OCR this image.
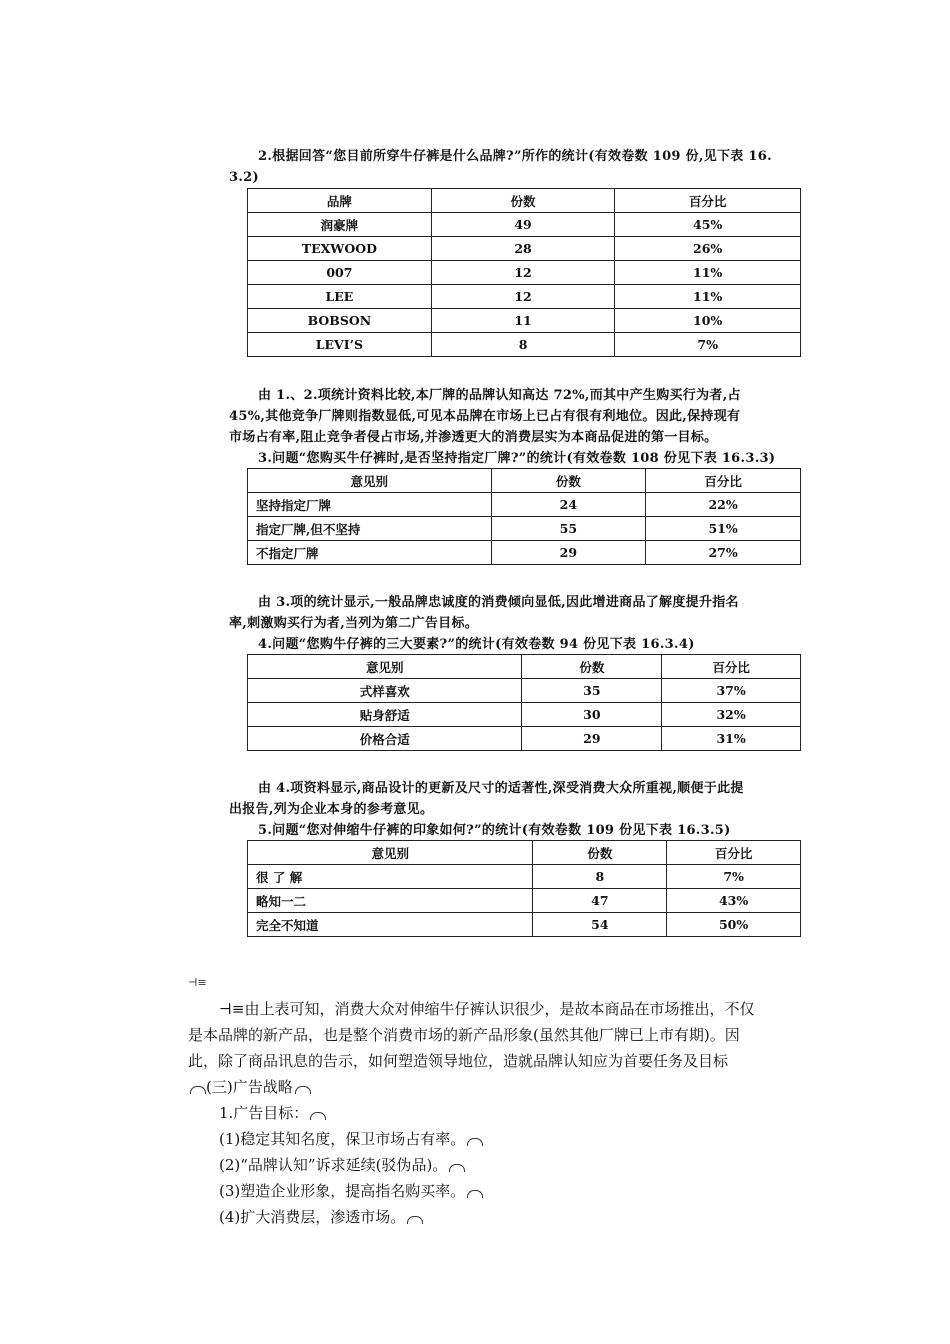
2.根据回答“您目前所穿牛仔裤是什么品牌?”所作的统计(有效卷数 109 份,见下表 16.

3.2)

品牌	份数	百分比
润豪牌	49	45%
TEXWOOD	28	26%
007	12	11%
LEE	12	11%
BOBSON	11	10%
LEVI’S	8	7%

由 1.、2.项统计资料比较,本厂牌的品牌认知高达 72%,而其中产生购买行为者,占

45%,其他竞争厂牌则指数显低,可见本品牌在市场上已占有很有利地位。因此,保持现有

市场占有率,阻止竞争者侵占市场,并渗透更大的消费层实为本商品促进的第一目标。

3.问题“您购买牛仔裤时,是否坚持指定厂牌?”的统计(有效卷数 108 份见下表 16.3.3)

意见别	份数	百分比
坚持指定厂牌	24	22%
指定厂牌,但不坚持	55	51%
不指定厂牌	29	27%

由 3.项的统计显示,一般品牌忠诚度的消费倾向显低,因此增进商品了解度提升指名

率,刺激购买行为者,当列为第二广告目标。

4.问题“您购牛仔裤的三大要素?”的统计(有效卷数 94 份见下表 16.3.4)

意见别	份数	百分比
式样喜欢	35	37%
贴身舒适	30	32%
价格合适	29	31%

由 4.项资料显示,商品设计的更新及尺寸的适著性,深受消费大众所重视,顺便于此提

出报告,列为企业本身的参考意见。

5.问题“您对伸缩牛仔裤的印象如何?”的统计(有效卷数 109 份见下表 16.3.5)

意见别	份数	百分比
很 了 解	8	7%
略知一二	47	43%
完全不知道	54	50%
⊣≡

⊣≡由上表可知，消费大众对伸缩牛仔裤认识很少，是故本商品在市场推出，不仅

是本品牌的新产品，也是整个消费市场的新产品形象(虽然其他厂牌已上市有期)。因

此，除了商品讯息的告示，如何塑造领导地位，造就品牌认知应为首要任务及目标

(三)广告战略

1.广告目标：

(1)稳定其知名度，保卫市场占有率。

(2)“品牌认知”诉求延续(驳伪品)。

(3)塑造企业形象，提高指名购买率。

(4)扩大消费层，渗透市场。
